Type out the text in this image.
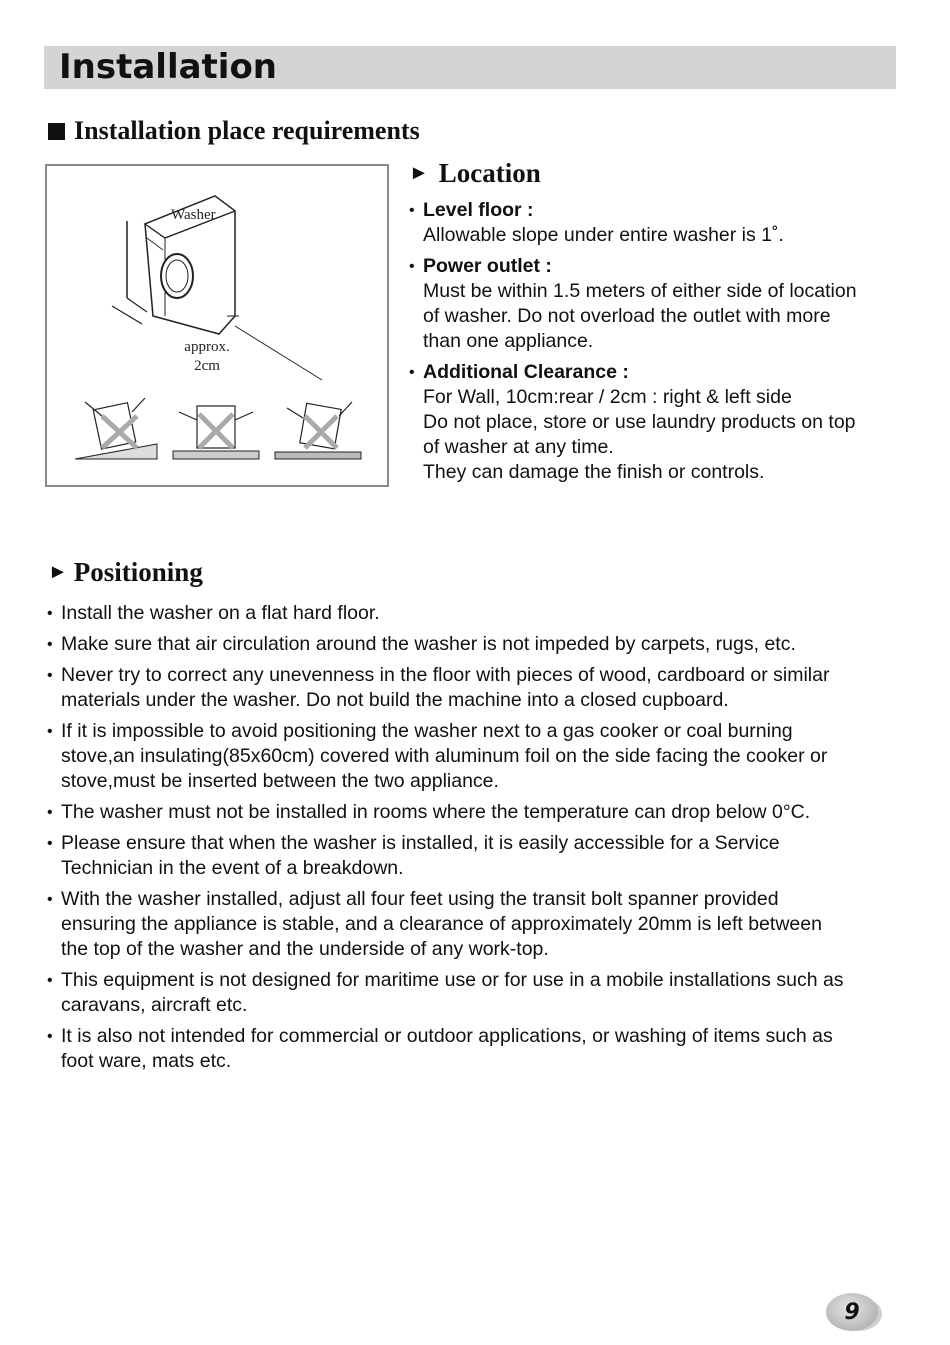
Installation
Installation place requirements
Washer
approx.
2cm
► Location
• Level floor :
Allowable slope under entire washer is 1˚.
• Power outlet :
Must be within 1.5 meters of either side of location
of washer. Do not overload the outlet with more
than one appliance.
• Additional Clearance :
For Wall, 10cm:rear / 2cm : right & left side
Do not place, store or use laundry products on top
of washer at any time.
They can damage the finish or controls.
► Positioning
• Install the washer on a flat hard floor.
• Make sure that air circulation around the washer is not impeded by carpets, rugs, etc.
• Never try to correct any unevenness in the floor with pieces of wood, cardboard or similar
materials under the washer. Do not build the machine into a closed cupboard.
• If it is impossible to avoid positioning the washer next to a gas cooker or coal burning
stove,an insulating(85x60cm) covered with aluminum foil on the side facing the cooker or
stove,must be inserted between the two appliance.
• The washer must not be installed in rooms where the temperature can drop below 0°C.
• Please ensure that when the washer is installed, it is easily accessible for a Service
Technician in the event of a breakdown.
• With the washer installed, adjust all four feet using the transit bolt spanner provided
ensuring the appliance is stable, and a clearance of approximately 20mm is left between
the top of the washer and the underside of any work-top.
• This equipment is not designed for maritime use or for use in a mobile installations such as
caravans, aircraft etc.
• It is also not intended for commercial or outdoor applications, or washing of items such as
foot ware, mats etc.
9
